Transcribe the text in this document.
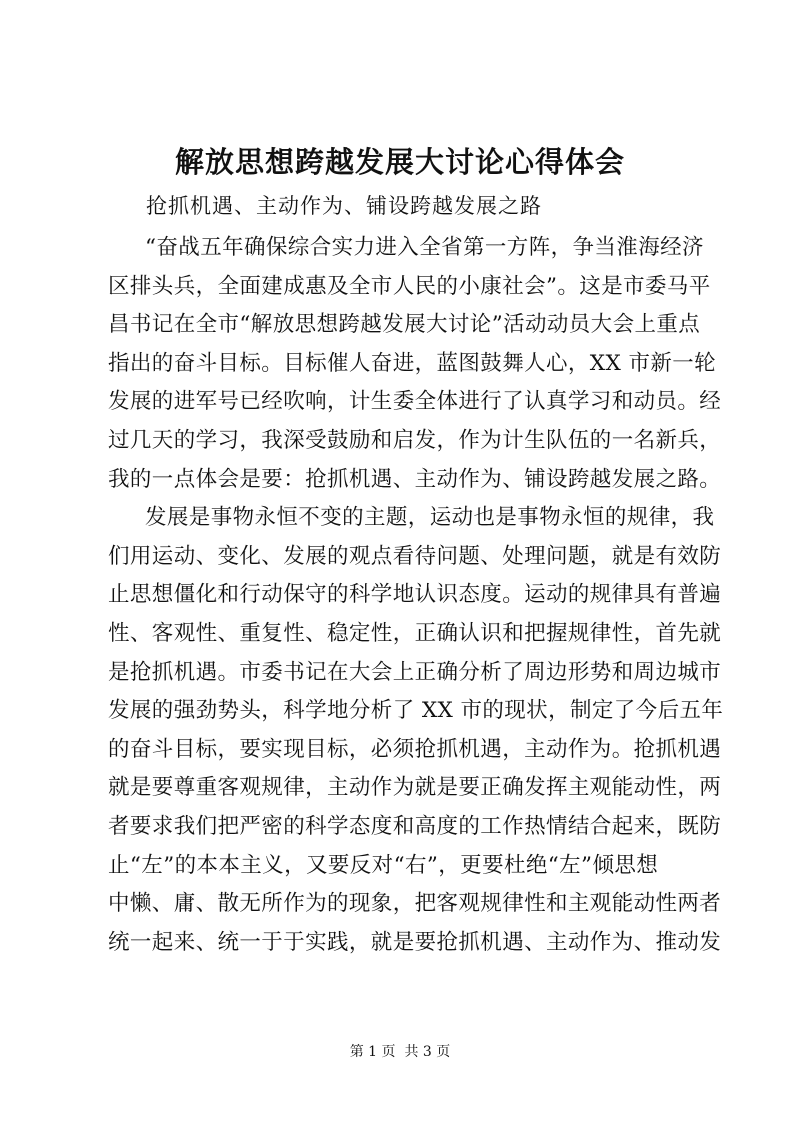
解放思想跨越发展大讨论心得体会
抢抓机遇、主动作为、铺设跨越发展之路
“奋战五年确保综合实力进入全省第一方阵，争当淮海经济
区排头兵，全面建成惠及全市人民的小康社会”。这是市委马平
昌书记在全市“解放思想跨越发展大讨论”活动动员大会上重点
指出的奋斗目标。目标催人奋进，蓝图鼓舞人心，XX 市新一轮
发展的进军号已经吹响，计生委全体进行了认真学习和动员。经
过几天的学习，我深受鼓励和启发，作为计生队伍的一名新兵，
我的一点体会是要：抢抓机遇、主动作为、铺设跨越发展之路。
发展是事物永恒不变的主题，运动也是事物永恒的规律，我
们用运动、变化、发展的观点看待问题、处理问题，就是有效防
止思想僵化和行动保守的科学地认识态度。运动的规律具有普遍
性、客观性、重复性、稳定性，正确认识和把握规律性，首先就
是抢抓机遇。市委书记在大会上正确分析了周边形势和周边城市
发展的强劲势头，科学地分析了 XX 市的现状，制定了今后五年
的奋斗目标，要实现目标，必须抢抓机遇，主动作为。抢抓机遇
就是要尊重客观规律，主动作为就是要正确发挥主观能动性，两
者要求我们把严密的科学态度和高度的工作热情结合起来，既防
止“左”的本本主义，又要反对“右”，更要杜绝“左”倾思想
中懒、庸、散无所作为的现象，把客观规律性和主观能动性两者
统一起来、统一于于实践，就是要抢抓机遇、主动作为、推动发
第 1 页  共 3 页
